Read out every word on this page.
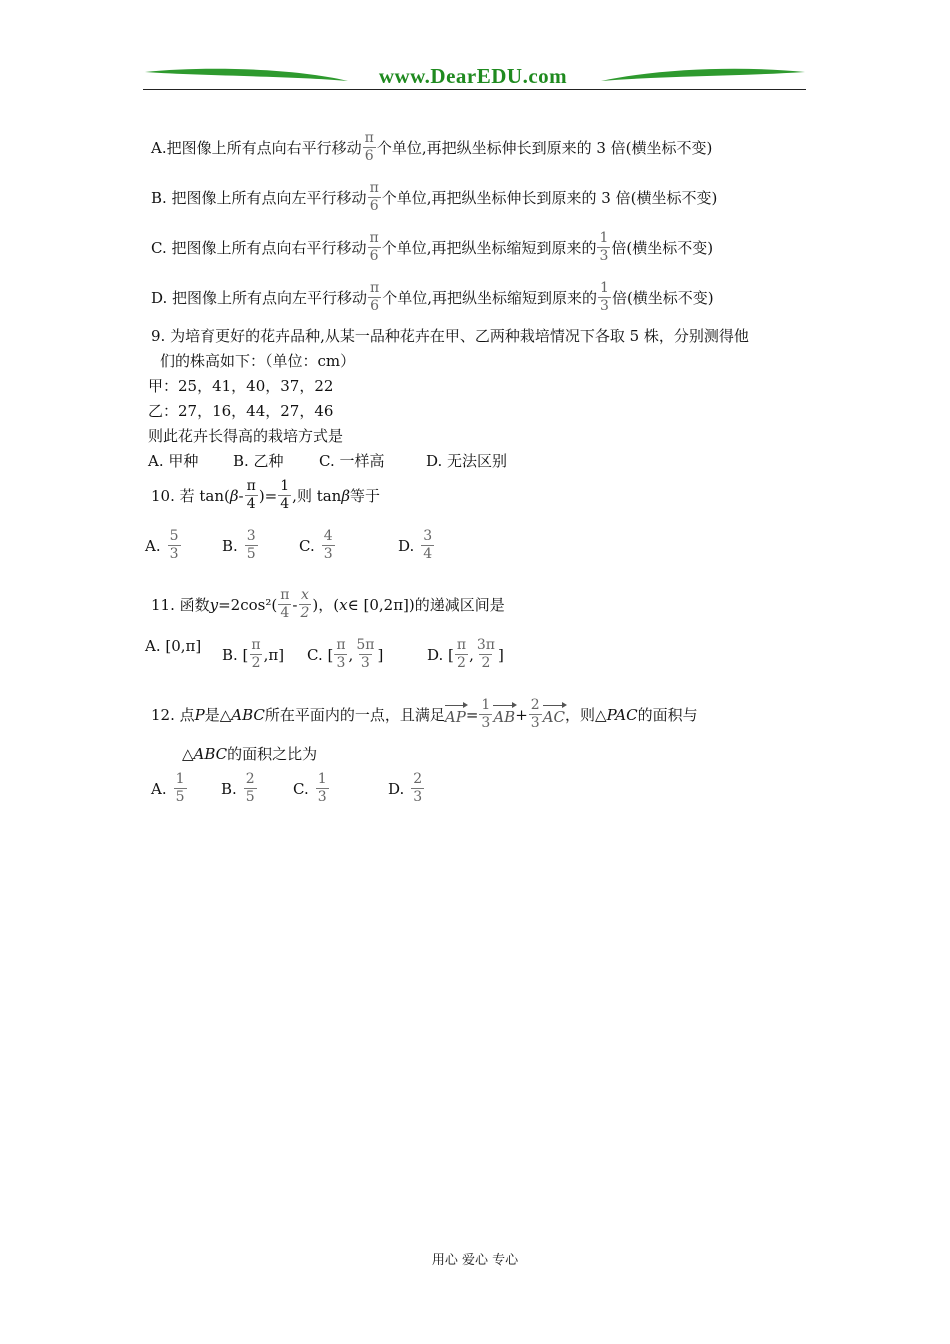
www.DearEDU.com
A.把图像上所有点向右平行移动 $\frac{\pi}{6}$ 个单位,再把纵坐标伸长到原来的 3 倍(横坐标不变)
B. 把图像上所有点向左平行移动 $\frac{\pi}{6}$ 个单位,再把纵坐标伸长到原来的 3 倍(横坐标不变)
C. 把图像上所有点向右平行移动 $\frac{\pi}{6}$ 个单位,再把纵坐标缩短到原来的 $\frac{1}{3}$ 倍(横坐标不变)
D. 把图像上所有点向左平行移动 $\frac{\pi}{6}$ 个单位,再把纵坐标缩短到原来的 $\frac{1}{3}$ 倍(横坐标不变)
9. 为培育更好的花卉品种,从某一品种花卉在甲、乙两种栽培情况下各取 5 株，分别测得他
们的株高如下：（单位：cm）
甲：25，41，40，37，22
乙：27，16，44，27，46
则此花卉长得高的栽培方式是
A. 甲种 B. 乙种 C. 一样高	D. 无法区别
10. 若 tan( β - $\frac{\pi}{4}$ )= $\frac{1}{4}$ ,则 tan β 等于
A. $\frac{5}{3}$	B. $\frac{3}{5}$	C. $\frac{4}{3}$	D. $\frac{3}{4}$
11. 函数 $y =2\cos^2( \frac{\pi}{4} - \frac{x}{2}$ )，( x ∈ [0,2π])的递减区间是
A. [0,π] B. [ $\frac{\pi}{2} ,\pi$] C. [ $\frac{\pi}{3}$ , $\frac{5\pi}{3}$ ]	D. [ $\frac{\pi}{2}$ , $\frac{3\pi}{2}$ ]
12. 点 P 是△ ABC 所在平面内的一点，且满足 AP = $\frac{1}{3}$ AB + $\frac{2}{3}$ AC ，则△ PAC 的面积与
△ ABC 的面积之比为
A. $\frac{1}{5} B$. $\frac{2}{5} C$. $\frac{1}{3}$	D. $\frac{2}{3}$
用心 爱心 专心
